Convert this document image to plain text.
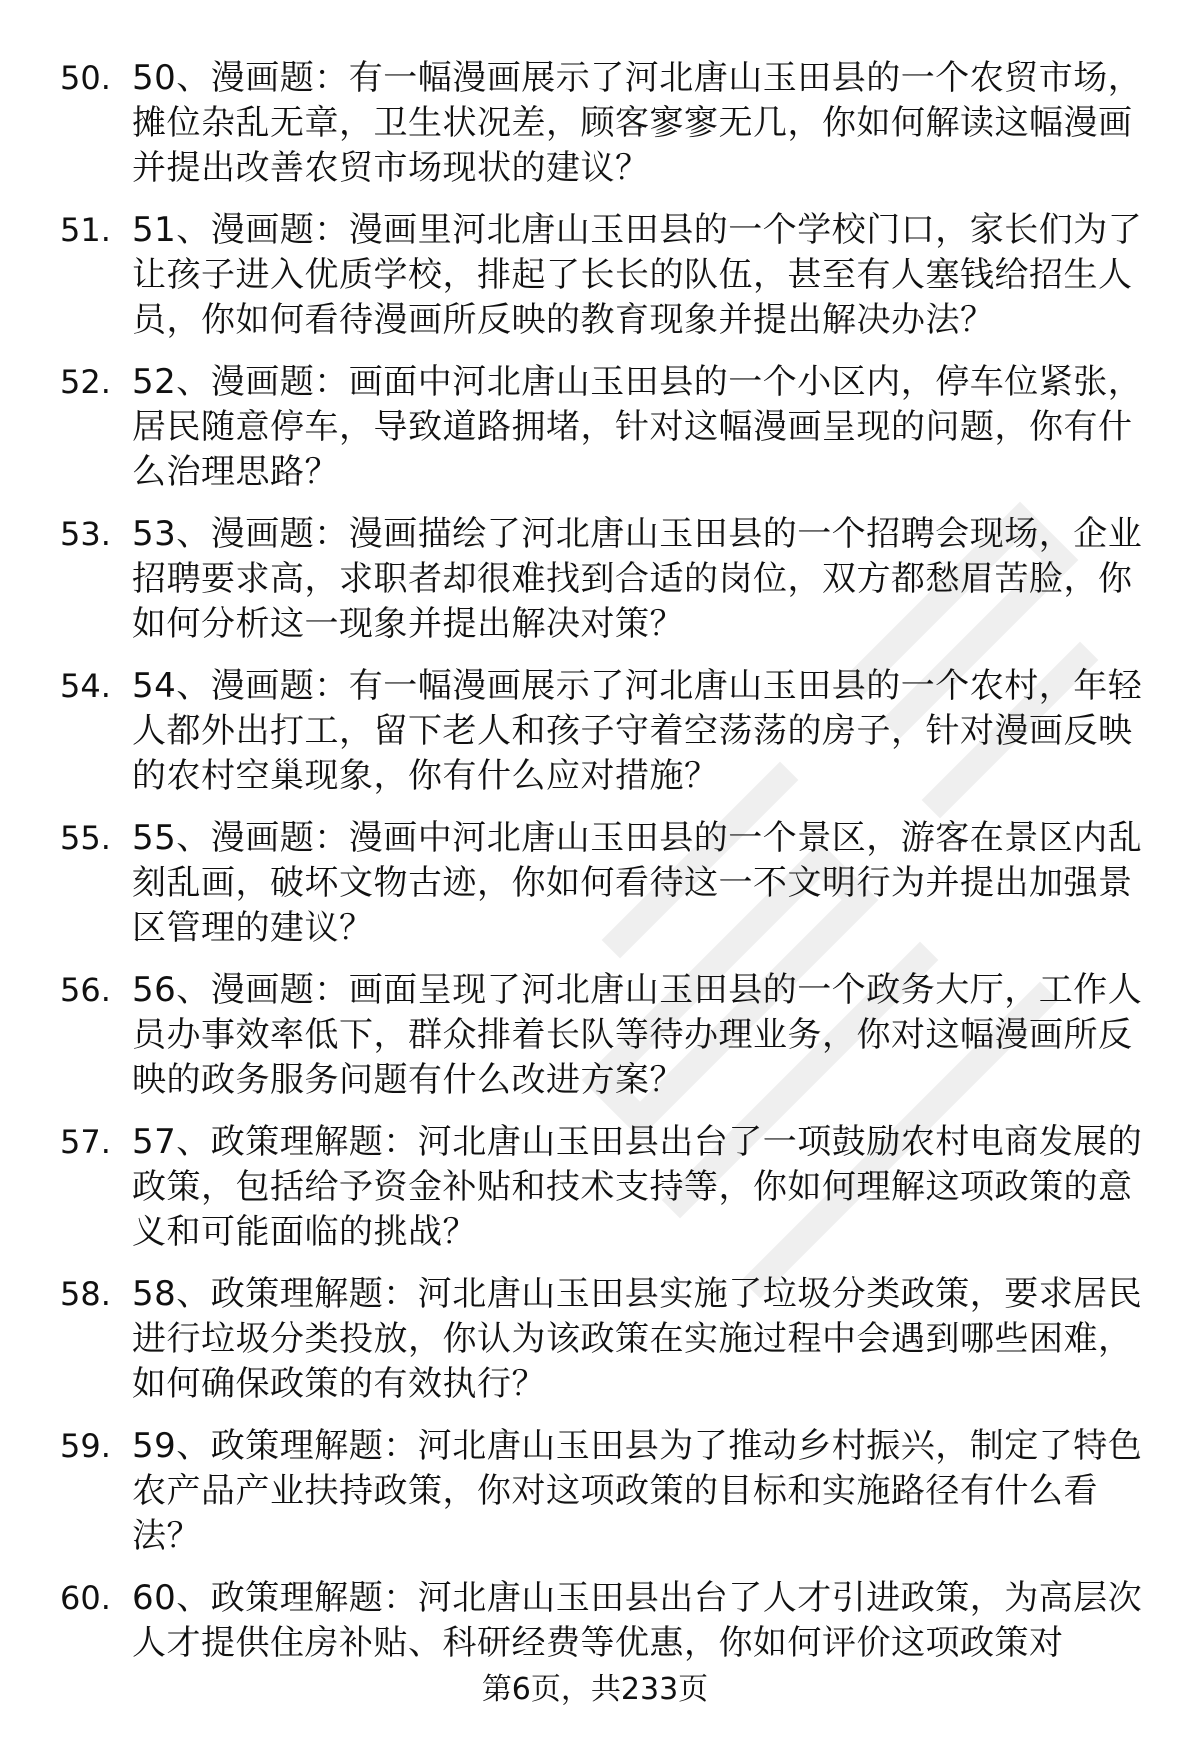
50. 50、漫画题：有一幅漫画展示了河北唐山玉田县的一个农贸市场，摊位杂乱无章，卫生状况差，顾客寥寥无几，你如何解读这幅漫画并提出改善农贸市场现状的建议？
51. 51、漫画题：漫画里河北唐山玉田县的一个学校门口，家长们为了让孩子进入优质学校，排起了长长的队伍，甚至有人塞钱给招生人员，你如何看待漫画所反映的教育现象并提出解决办法？
52. 52、漫画题：画面中河北唐山玉田县的一个小区内，停车位紧张，居民随意停车，导致道路拥堵，针对这幅漫画呈现的问题，你有什么治理思路？
53. 53、漫画题：漫画描绘了河北唐山玉田县的一个招聘会现场，企业招聘要求高，求职者却很难找到合适的岗位，双方都愁眉苦脸，你如何分析这一现象并提出解决对策？
54. 54、漫画题：有一幅漫画展示了河北唐山玉田县的一个农村，年轻人都外出打工，留下老人和孩子守着空荡荡的房子，针对漫画反映的农村空巢现象，你有什么应对措施？
55. 55、漫画题：漫画中河北唐山玉田县的一个景区，游客在景区内乱刻乱画，破坏文物古迹，你如何看待这一不文明行为并提出加强景区管理的建议？
56. 56、漫画题：画面呈现了河北唐山玉田县的一个政务大厅，工作人员办事效率低下，群众排着长队等待办理业务，你对这幅漫画所反映的政务服务问题有什么改进方案？
57. 57、政策理解题：河北唐山玉田县出台了一项鼓励农村电商发展的政策，包括给予资金补贴和技术支持等，你如何理解这项政策的意义和可能面临的挑战？
58. 58、政策理解题：河北唐山玉田县实施了垃圾分类政策，要求居民进行垃圾分类投放，你认为该政策在实施过程中会遇到哪些困难，如何确保政策的有效执行？
59. 59、政策理解题：河北唐山玉田县为了推动乡村振兴，制定了特色农产品产业扶持政策，你对这项政策的目标和实施路径有什么看法？
60. 60、政策理解题：河北唐山玉田县出台了人才引进政策，为高层次人才提供住房补贴、科研经费等优惠，你如何评价这项政策对
第6页，共233页
